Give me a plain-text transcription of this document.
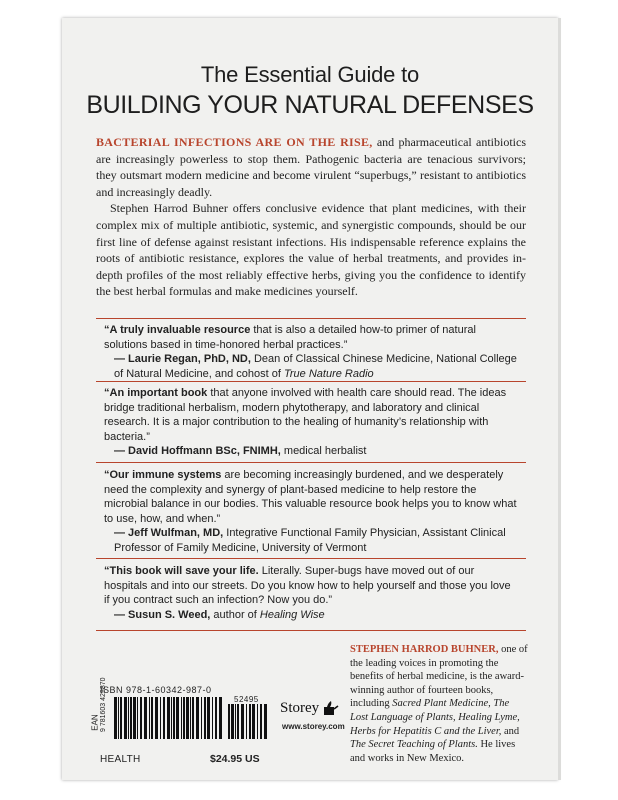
The Essential Guide to
BUILDING YOUR NATURAL DEFENSES

BACTERIAL INFECTIONS ARE ON THE RISE, and pharmaceutical antibiotics are increasingly powerless to stop them. Pathogenic bacteria are tenacious survivors; they outsmart modern medicine and become virulent “superbugs,” resistant to antibiotics and increasingly deadly.

Stephen Harrod Buhner offers conclusive evidence that plant medicines, with their complex mix of multiple antibiotic, systemic, and synergistic compounds, should be our first line of defense against resistant infections. His indispensable reference explains the roots of antibiotic resistance, explores the value of herbal treatments, and provides in-depth profiles of the most reliably effective herbs, giving you the confidence to identify the best herbal formulas and make medicines yourself.

“A truly invaluable resource that is also a detailed how-to primer of natural solutions based in time-honored herbal practices.”

— Laurie Regan, PhD, ND, Dean of Classical Chinese Medicine, National College of Natural Medicine, and cohost of True Nature Radio

“An important book that anyone involved with health care should read. The ideas bridge traditional herbalism, modern phytotherapy, and laboratory and clinical research. It is a major contribution to the healing of humanity’s relationship with bacteria.”

— David Hoffmann BSc, FNIMH, medical herbalist

“Our immune systems are becoming increasingly burdened, and we desperately need the complexity and synergy of plant-based medicine to help restore the microbial balance in our bodies. This valuable resource book helps you to know what to use, how, and when.”

— Jeff Wulfman, MD, Integrative Functional Family Physician, Assistant Clinical Professor of Family Medicine, University of Vermont

“This book will save your life. Literally. Super-bugs have moved out of our hospitals and into our streets. Do you know how to help yourself and those you love if you contract such an infection? Now you do.”

— Susun S. Weed, author of Healing Wise

STEPHEN HARROD BUHNER, one of the leading voices in promoting the benefits of herbal medicine, is the award-winning author of fourteen books, including Sacred Plant Medicine, The Lost Language of Plants, Healing Lyme, Herbs for Hepatitis C and the Liver, and The Secret Teaching of Plants. He lives and works in New Mexico.
ISBN 978-1-60342-987-0
52495
EAN 9 781603 429870
HEALTH	$24.95 US
Storey
www.storey.com
